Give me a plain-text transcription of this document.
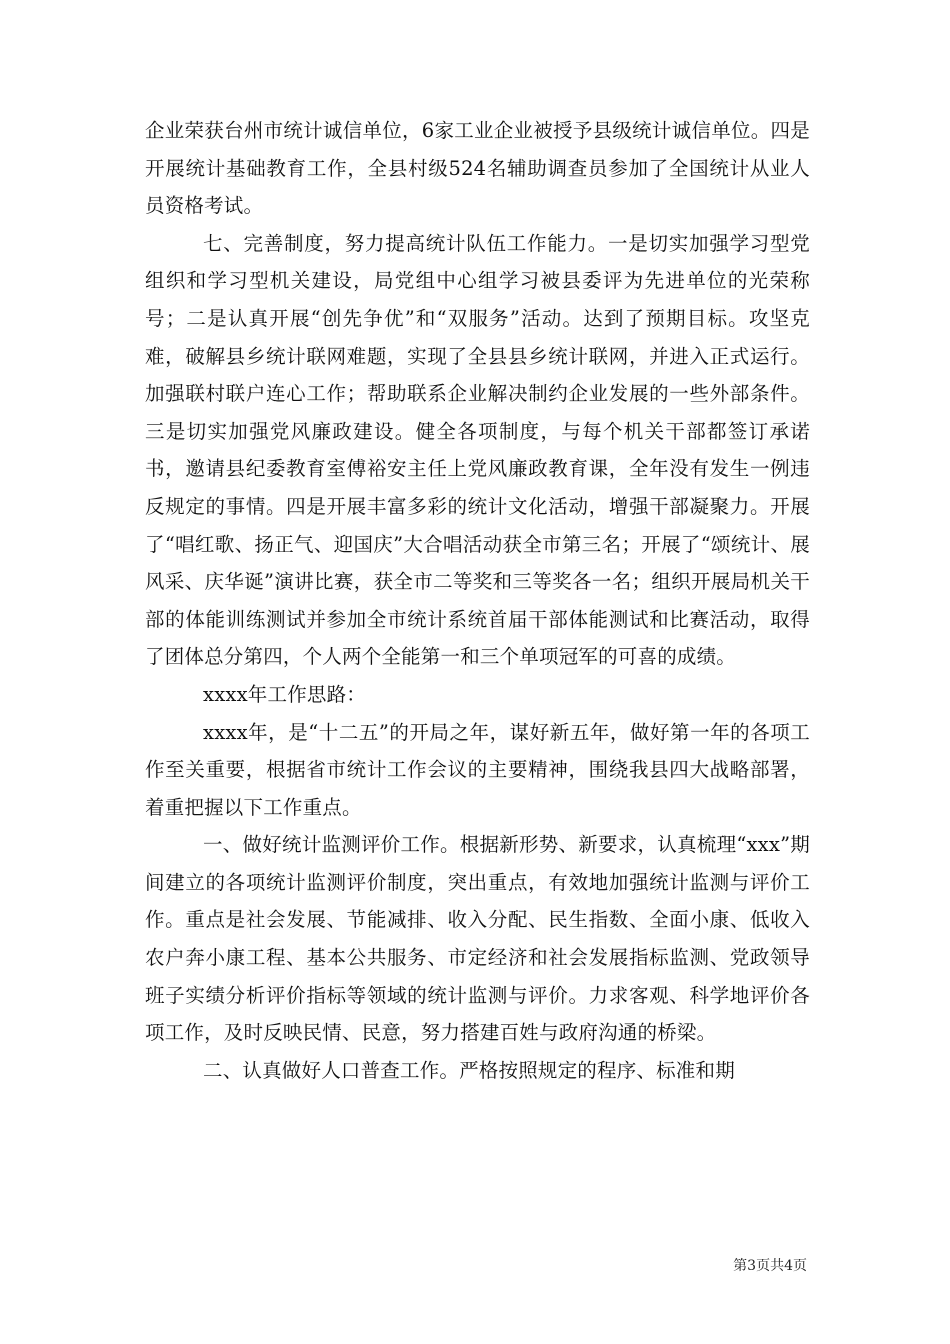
企业荣获台州市统计诚信单位，6家工业企业被授予县级统计诚信单位。四是开展统计基础教育工作，全县村级524名辅助调查员参加了全国统计从业人员资格考试。

七、完善制度，努力提高统计队伍工作能力。一是切实加强学习型党组织和学习型机关建设，局党组中心组学习被县委评为先进单位的光荣称号；二是认真开展“创先争优”和“双服务”活动。达到了预期目标。攻坚克难，破解县乡统计联网难题，实现了全县县乡统计联网，并进入正式运行。加强联村联户连心工作；帮助联系企业解决制约企业发展的一些外部条件。三是切实加强党风廉政建设。健全各项制度，与每个机关干部都签订承诺书，邀请县纪委教育室傅裕安主任上党风廉政教育课，全年没有发生一例违反规定的事情。四是开展丰富多彩的统计文化活动，增强干部凝聚力。开展了“唱红歌、扬正气、迎国庆”大合唱活动获全市第三名；开展了“颂统计、展风采、庆华诞”演讲比赛，获全市二等奖和三等奖各一名；组织开展局机关干部的体能训练测试并参加全市统计系统首届干部体能测试和比赛活动，取得了团体总分第四，个人两个全能第一和三个单项冠军的可喜的成绩。

xxxx年工作思路：

xxxx年，是“十二五”的开局之年，谋好新五年，做好第一年的各项工作至关重要，根据省市统计工作会议的主要精神，围绕我县四大战略部署，着重把握以下工作重点。

一、做好统计监测评价工作。根据新形势、新要求，认真梳理“xxx”期间建立的各项统计监测评价制度，突出重点，有效地加强统计监测与评价工作。重点是社会发展、节能减排、收入分配、民生指数、全面小康、低收入农户奔小康工程、基本公共服务、市定经济和社会发展指标监测、党政领导班子实绩分析评价指标等领域的统计监测与评价。力求客观、科学地评价各项工作，及时反映民情、民意，努力搭建百姓与政府沟通的桥梁。

二、认真做好人口普查工作。严格按照规定的程序、标准和期

第3页共4页
